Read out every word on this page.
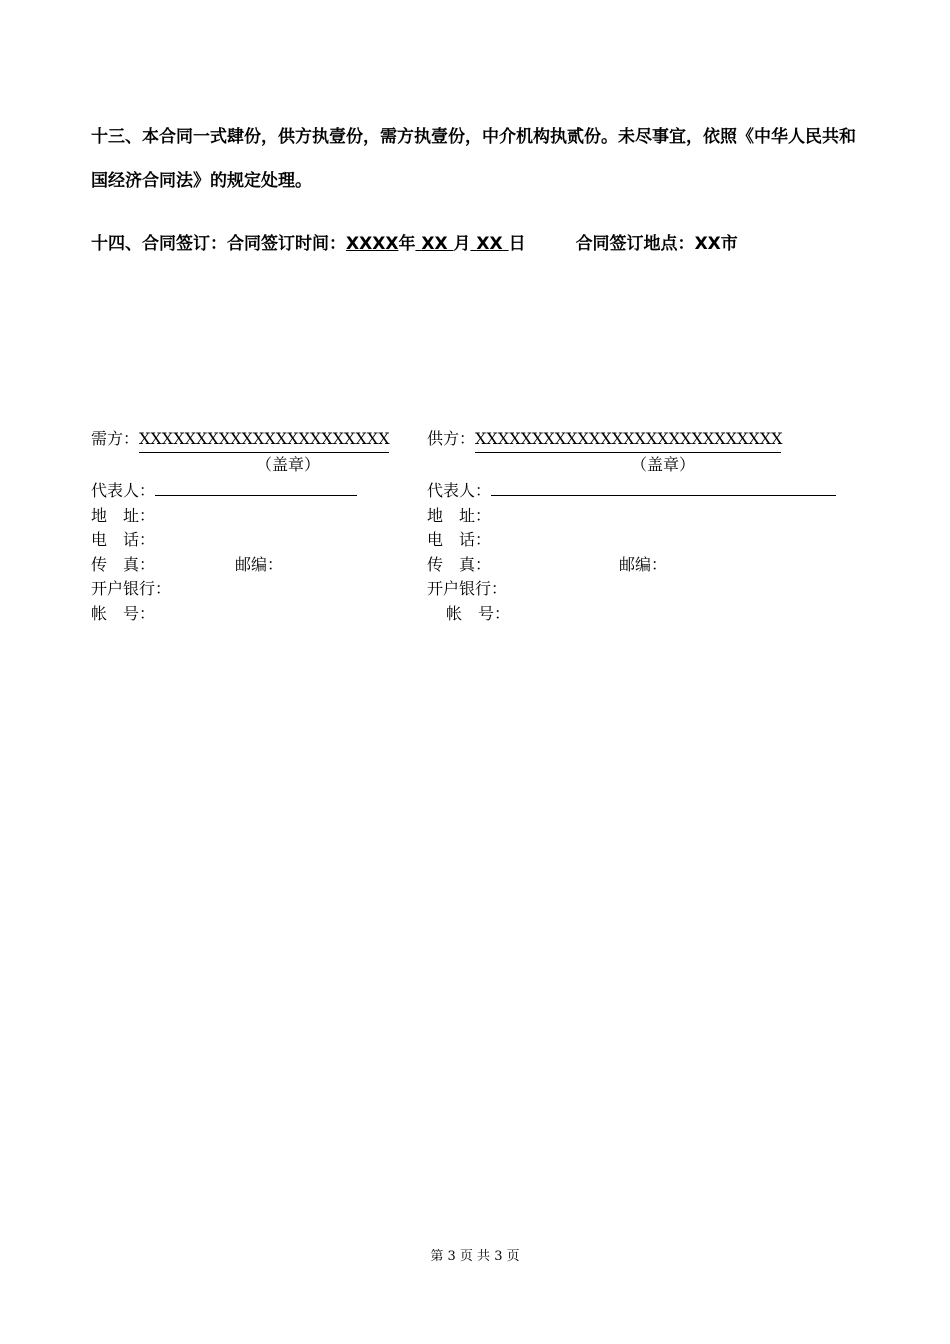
十三、本合同一式肆份，供方执壹份，需方执壹份，中介机构执贰份。未尽事宜，依照《中华人民共和国经济合同法》的规定处理。
十四、合同签订：合同签订时间：XXXX年 XX 月 XX 日	合同签订地点：XX市
需方：XXXXXXXXXXXXXXXXXXXXXX
（盖章）
代表人：
地　址：
电　话：
传　真：	邮编：
开户银行：
帐　号：
供方：XXXXXXXXXXXXXXXXXXXXXXXXXXX
（盖章）
代表人：
地　址：
电　话：
传　真：	邮编：
开户银行：
帐　号：
第 3 页 共 3 页
